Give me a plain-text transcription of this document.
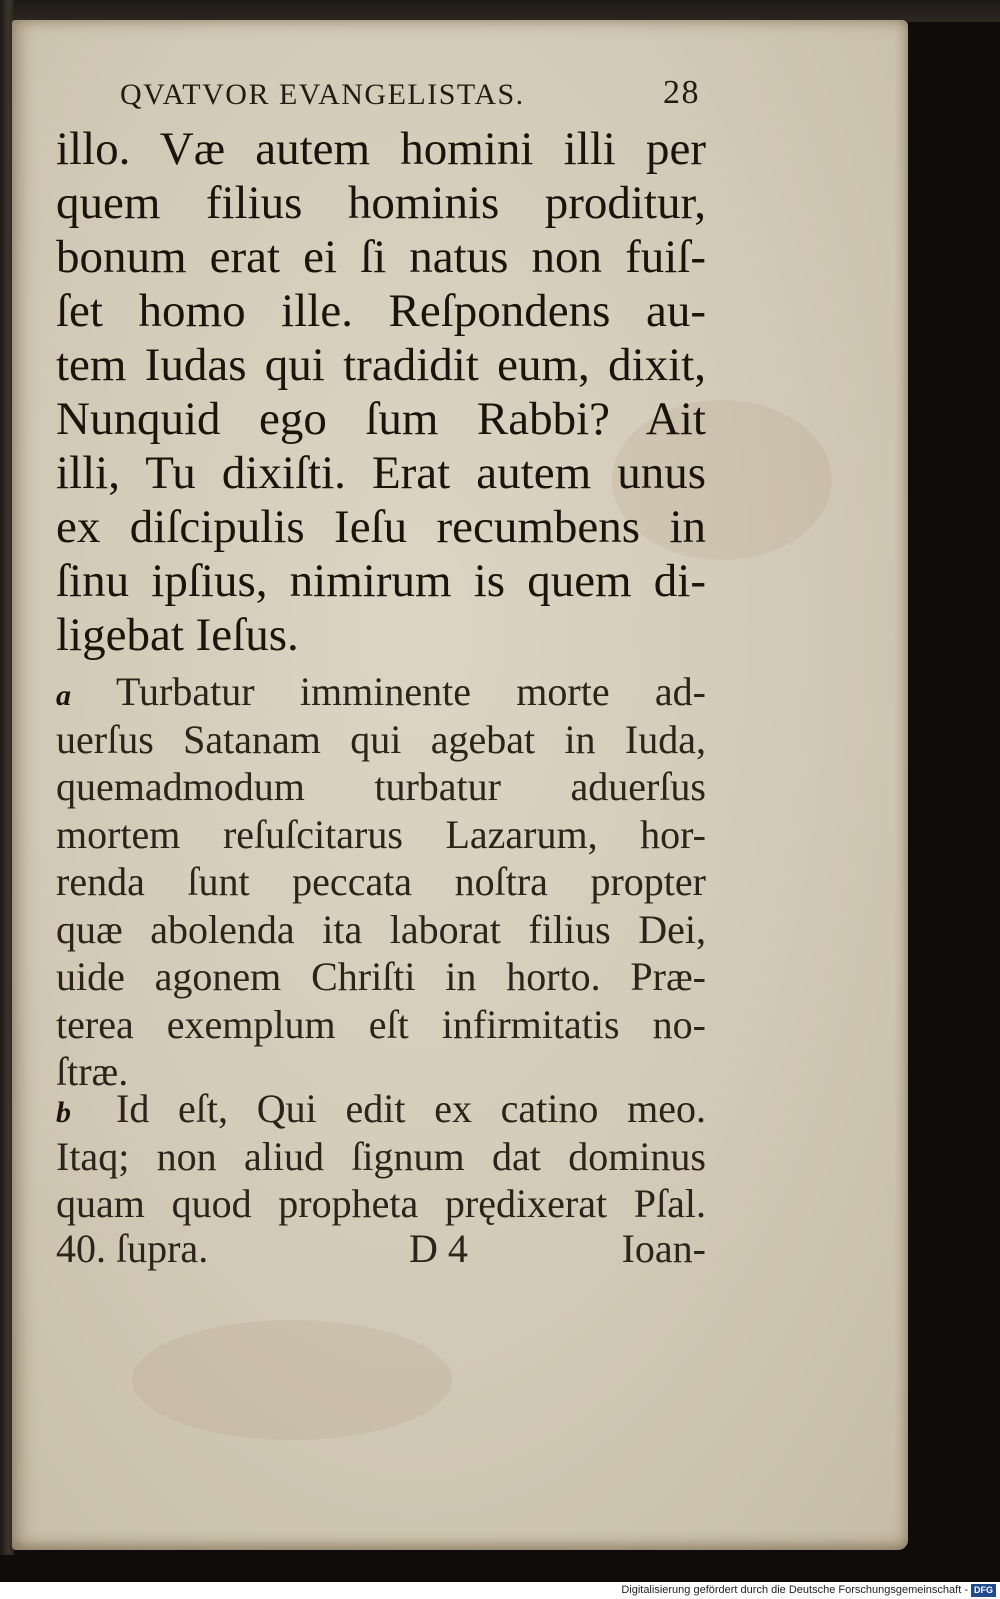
QVATVOR EVANGELISTAS.	28
illo. Væ autem homini illi per
quem filius hominis proditur,
bonum erat ei ſi natus non fuiſ-
ſet homo ille. Reſpondens au-
tem Iudas qui tradidit eum, dixit,
Nunquid ego ſum Rabbi? Ait
illi, Tu dixiſti. Erat autem unus
ex diſcipulis Ieſu recumbens in
ſinu ipſius, nimirum is quem di-
ligebat Ieſus.
a Turbatur imminente morte ad-
uerſus Satanam qui agebat in Iuda,
quemadmodum turbatur aduerſus
mortem reſuſcitarus Lazarum, hor-
renda ſunt peccata noſtra propter
quæ abolenda ita laborat filius Dei,
uide agonem Chriſti in horto. Præ-
terea exemplum eſt infirmitatis no-
ſtræ.
b Id eſt, Qui edit ex catino meo.
Itaq; non aliud ſignum dat dominus
quam quod propheta prędixerat Pſal.
40. ſupra.	D 4	Ioan-
Digitalisierung gefördert durch die Deutsche Forschungsgemeinschaft - DFG
